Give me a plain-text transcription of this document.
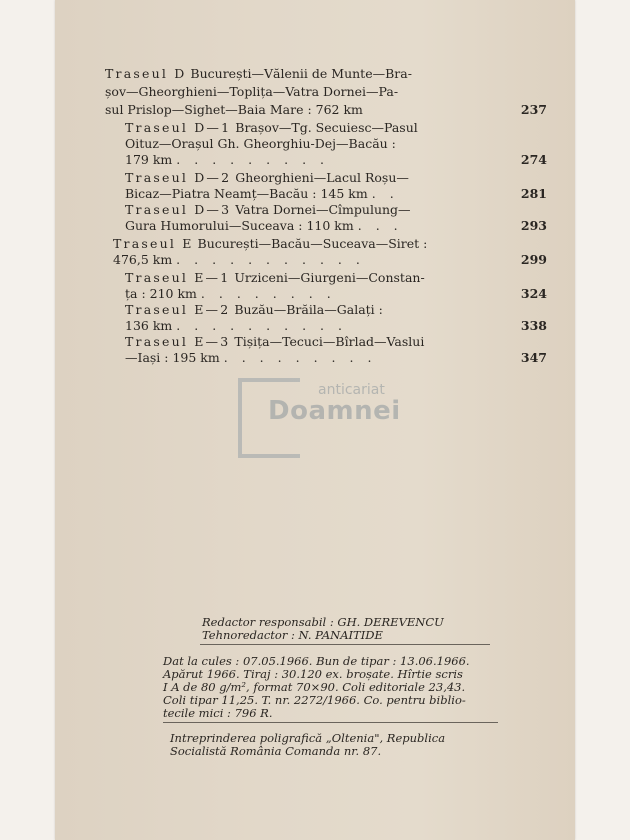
Traseul D București—Vălenii de Munte—Bra-
șov—Gheorghieni—Toplița—Vatra Dornei—Pa-
sul Prislop—Sighet—Baia Mare : 762 km	237
Traseul D—1 Brașov—Tg. Secuiesc—Pasul
Oituz—Orașul Gh. Gheorghiu-Dej—Bacău :
179 km .........	274
Traseul D—2 Gheorghieni—Lacul Roșu—
Bicaz—Piatra Neamț—Bacău : 145 km ..	281
Traseul D—3 Vatra Dornei—Cîmpulung—
Gura Humorului—Suceava : 110 km ...	293
Traseul E București—Bacău—Suceava—Siret :
476,5 km ...........	299
Traseul E—1 Urziceni—Giurgeni—Constan-
ța : 210 km ........	324
Traseul E—2 Buzău—Brăila—Galați :
136 km ..........	338
Traseul E—3 Tișița—Tecuci—Bîrlad—Vaslui
—Iași : 195 km .........	347
anticariat
Doamnei
Redactor responsabil : GH. DEREVENCU
Tehnoredactor : N. PANAITIDE
Dat la cules : 07.05.1966. Bun de tipar : 13.06.1966.
Apărut 1966. Tiraj : 30.120 ex. broșate. Hîrtie scris
I A de 80 g/m², format 70×90. Coli editoriale 23,43.
Coli tipar 11,25. T. nr. 2272/1966. Co. pentru biblio-
tecile mici : 796 R.
Intreprinderea poligrafică „Oltenia", Republica
Socialistă România Comanda nr. 87.
